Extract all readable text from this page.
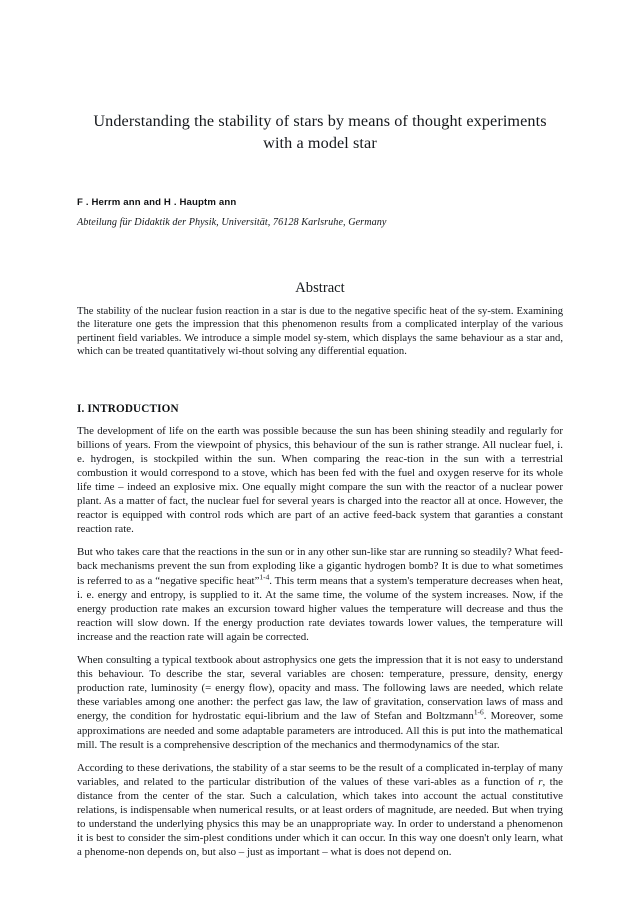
Understanding the stability of stars by means of thought experiments with a model star

F . Herrm ann and H . Hauptm ann

Abteilung für Didaktik der Physik, Universität, 76128 Karlsruhe, Germany

Abstract

The stability of the nuclear fusion reaction in a star is due to the negative specific heat of the sy-stem. Examining the literature one gets the impression that this phenomenon results from a complicated interplay of the various pertinent field variables. We introduce a simple model sy-stem, which displays the same behaviour as a star and, which can be treated quantitatively wi-thout solving any differential equation.

I. INTRODUCTION

The development of life on the earth was possible because the sun has been shining steadily and regularly for billions of years. From the viewpoint of physics, this behaviour of the sun is rather strange. All nuclear fuel, i. e. hydrogen, is stockpiled within the sun. When comparing the reac-tion in the sun with a terrestrial combustion it would correspond to a stove, which has been fed with the fuel and oxygen reserve for its whole life time – indeed an explosive mix. One equally might compare the sun with the reactor of a nuclear power plant. As a matter of fact, the nuclear fuel for several years is charged into the reactor all at once. However, the reactor is equipped with control rods which are part of an active feed-back system that garanties a constant reaction rate.

But who takes care that the reactions in the sun or in any other sun-like star are running so steadily? What feed-back mechanisms prevent the sun from exploding like a gigantic hydrogen bomb? It is due to what sometimes is referred to as a “negative specific heat”$^{1-4}$. This term means that a system's temperature decreases when heat, i. e. energy and entropy, is supplied to it. At the same time, the volume of the system increases. Now, if the energy production rate makes an excursion toward higher values the temperature will decrease and thus the reaction will slow down. If the energy production rate deviates towards lower values, the temperature will increase and the reaction rate will again be corrected.

When consulting a typical textbook about astrophysics one gets the impression that it is not easy to understand this behaviour. To describe the star, several variables are chosen: temperature, pressure, density, energy production rate, luminosity (= energy flow), opacity and mass. The following laws are needed, which relate these variables among one another: the perfect gas law, the law of gravitation, conservation laws of mass and energy, the condition for hydrostatic equi-librium and the law of Stefan and Boltzmann$^{1-6}$. Moreover, some approximations are needed and some adaptable parameters are introduced. All this is put into the mathematical mill. The result is a comprehensive description of the mechanics and thermodynamics of the star.

According to these derivations, the stability of a star seems to be the result of a complicated in-terplay of many variables, and related to the particular distribution of the values of these vari-ables as a function of r, the distance from the center of the star. Such a calculation, which takes into account the actual constitutive relations, is indispensable when numerical results, or at least orders of magnitude, are needed. But when trying to understand the underlying physics this may be an unappropriate way. In order to understand a phenomenon it is best to consider the sim-plest conditions under which it can occur. In this way one doesn't only learn, what a phenome-non depends on, but also – just as important – what is does not depend on.
